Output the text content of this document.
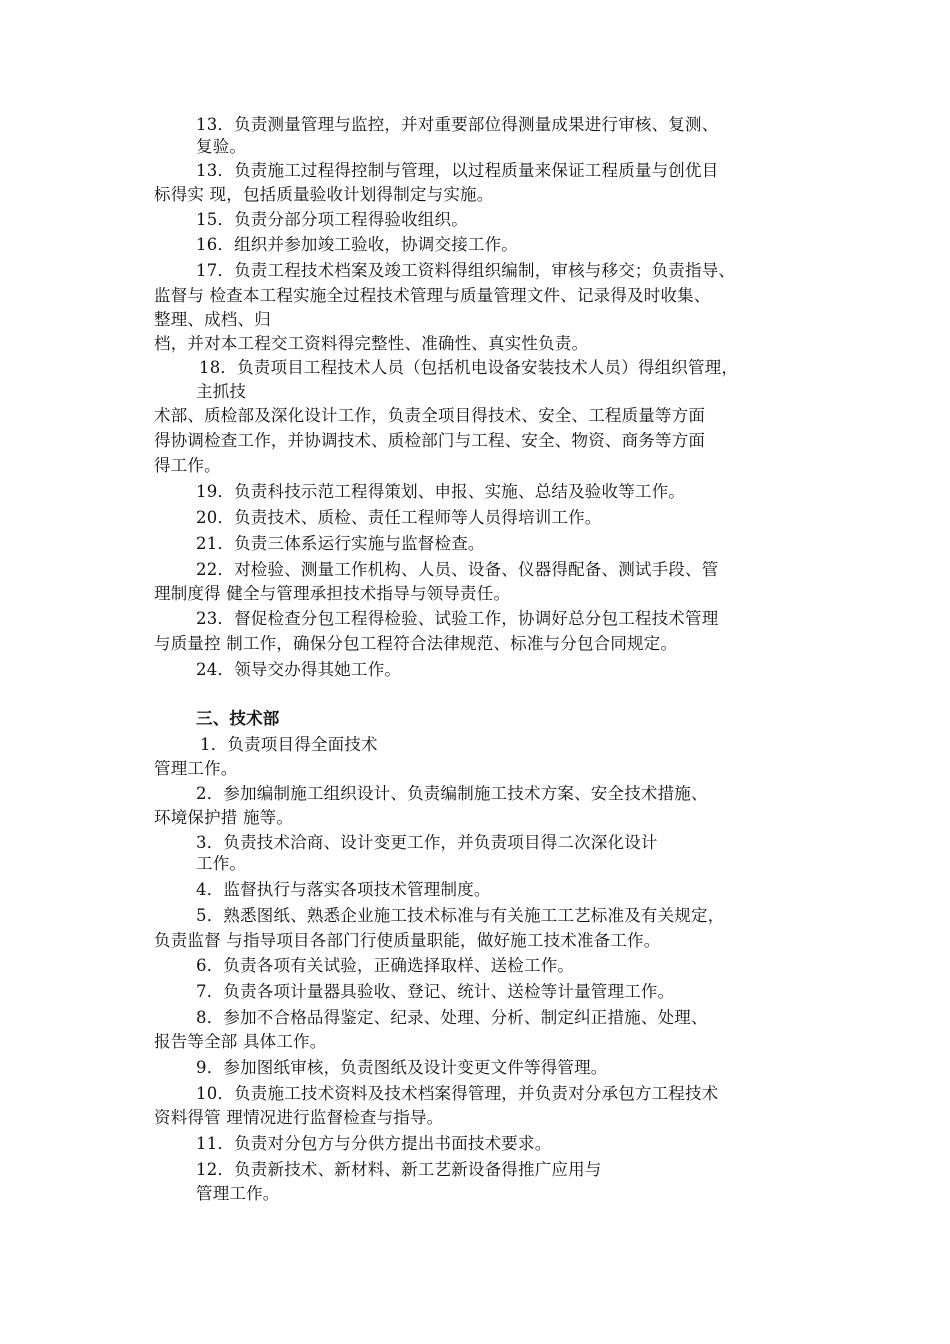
13．负责测量管理与监控，并对重要部位得测量成果进行审核、复测、
复验。
13．负责施工过程得控制与管理，以过程质量来保证工程质量与创优目
标得实 现，包括质量验收计划得制定与实施。
15．负责分部分项工程得验收组织。
16．组织并参加竣工验收，协调交接工作。
17．负责工程技术档案及竣工资料得组织编制，审核与移交；负责指导、
监督与 检查本工程实施全过程技术管理与质量管理文件、记录得及时收集、
整理、成档、归
档，并对本工程交工资料得完整性、准确性、真实性负责。
18．负责项目工程技术人员（包括机电设备安装技术人员）得组织管理，
主抓技
术部、质检部及深化设计工作，负责全项目得技术、安全、工程质量等方面
得协调检查工作，并协调技术、质检部门与工程、安全、物资、商务等方面
得工作。
19．负责科技示范工程得策划、申报、实施、总结及验收等工作。
20．负责技术、质检、责任工程师等人员得培训工作。
21．负责三体系运行实施与监督检查。
22．对检验、测量工作机构、人员、设备、仪器得配备、测试手段、管
理制度得 健全与管理承担技术指导与领导责任。
23．督促检查分包工程得检验、试验工作，协调好总分包工程技术管理
与质量控 制工作，确保分包工程符合法律规范、标准与分包合同规定。
24．领导交办得其她工作。
三、技术部
1．负责项目得全面技术
管理工作。
2．参加编制施工组织设计、负责编制施工技术方案、安全技术措施、
环境保护措 施等。
3．负责技术洽商、设计变更工作，并负责项目得二次深化设计
工作。
4．监督执行与落实各项技术管理制度。
5．熟悉图纸、熟悉企业施工技术标准与有关施工工艺标准及有关规定，
负责监督 与指导项目各部门行使质量职能，做好施工技术准备工作。
6．负责各项有关试验，正确选择取样、送检工作。
7．负责各项计量器具验收、登记、统计、送检等计量管理工作。
8．参加不合格品得鉴定、纪录、处理、分析、制定纠正措施、处理、
报告等全部 具体工作。
9．参加图纸审核，负责图纸及设计变更文件等得管理。
10．负责施工技术资料及技术档案得管理，并负责对分承包方工程技术
资料得管 理情况进行监督检查与指导。
11．负责对分包方与分供方提出书面技术要求。
12．负责新技术、新材料、新工艺新设备得推广应用与
管理工作。
